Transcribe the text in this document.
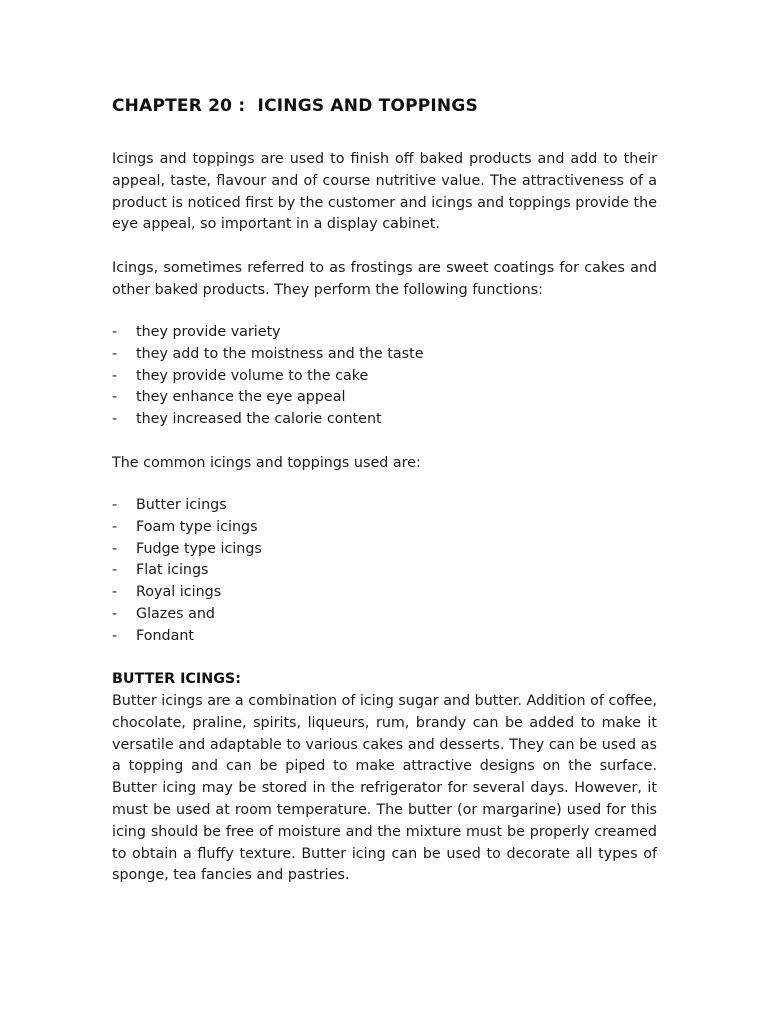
CHAPTER 20 :  ICINGS AND TOPPINGS
Icings and toppings are used to finish off baked products and add to their appeal, taste, flavour and of course nutritive value. The attractiveness of a product is noticed first by the customer and icings and toppings provide the eye appeal, so important in a display cabinet.
Icings, sometimes referred to as frostings are sweet coatings for cakes and other baked products. They perform the following functions:
- they provide variety
- they add to the moistness and the taste
- they provide volume to the cake
- they enhance the eye appeal
- they increased the calorie content
The common icings and toppings used are:
- Butter icings
- Foam type icings
- Fudge type icings
- Flat icings
- Royal icings
- Glazes and
- Fondant
BUTTER ICINGS:
Butter icings are a combination of icing sugar and butter. Addition of coffee, chocolate, praline, spirits, liqueurs, rum, brandy can be added to make it versatile and adaptable to various cakes and desserts. They can be used as a topping and can be piped to make attractive designs on the surface. Butter icing may be stored in the refrigerator for several days. However, it must be used at room temperature. The butter (or margarine) used for this icing should be free of moisture and the mixture must be properly creamed to obtain a fluffy texture. Butter icing can be used to decorate all types of sponge, tea fancies and pastries.
